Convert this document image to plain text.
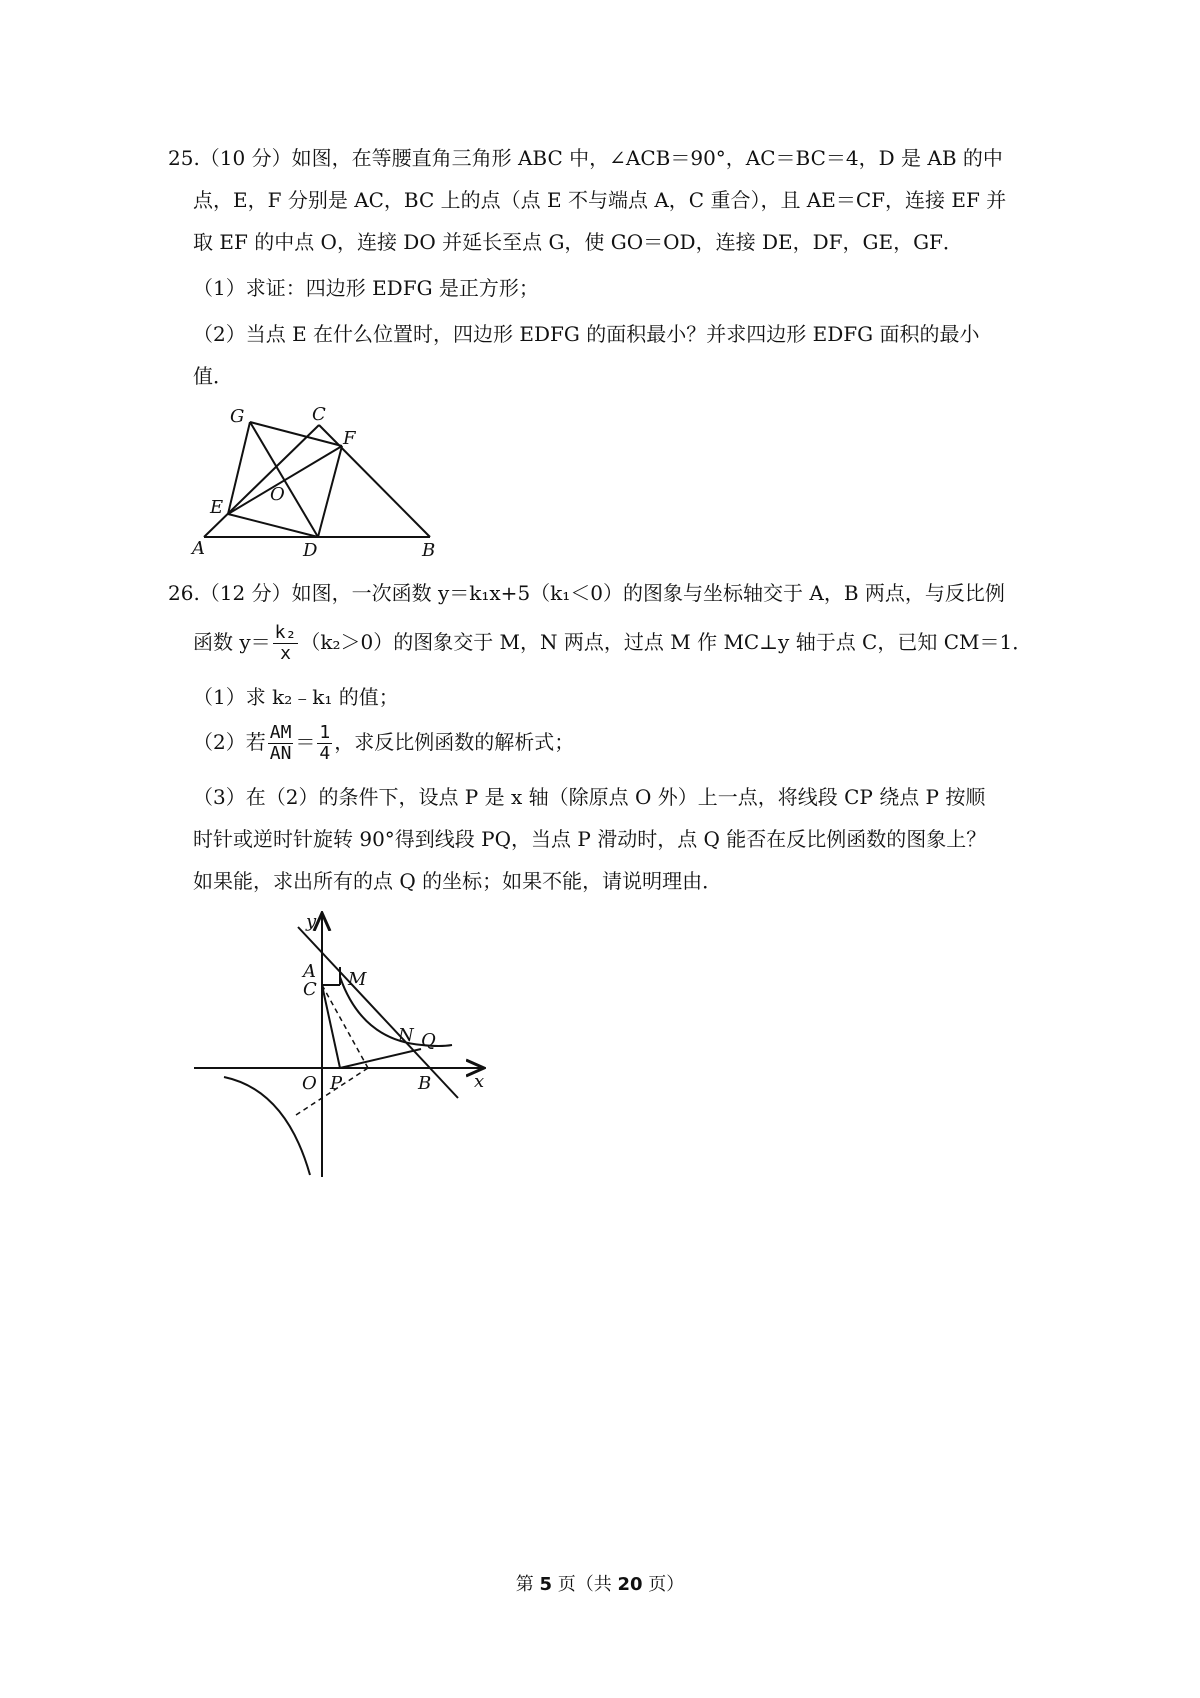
25.（10 分）如图，在等腰直角三角形 ABC 中，∠ACB＝90°，AC＝BC＝4，D 是 AB 的中
点，E，F 分别是 AC，BC 上的点（点 E 不与端点 A，C 重合），且 AE＝CF，连接 EF 并
取 EF 的中点 O，连接 DO 并延长至点 G，使 GO＝OD，连接 DE，DF，GE，GF．
（1）求证：四边形 EDFG 是正方形；
（2）当点 E 在什么位置时，四边形 EDFG 的面积最小？并求四边形 EDFG 面积的最小
值．
G	C
F
E
O
A	D	B
26.（12 分）如图，一次函数 y＝k₁x+5（k₁＜0）的图象与坐标轴交于 A，B 两点，与反比例
函数 $y= \frac{\text{k₂}}{x} (k_2>0)$的图象交于 M，N 两点，过点 M 作 MC⊥y 轴于点 C，已知 CM＝1．
（1）求 k₂﹣k₁ 的值；
（2）若 $\frac{AM}{AN} = \frac{1}{4}$ ，求反比例函数的解析式；
（3）在（2）的条件下，设点 P 是 x 轴（除原点 O 外）上一点，将线段 CP 绕点 P 按顺
时针或逆时针旋转 90°得到线段 PQ，当点 P 滑动时，点 Q 能否在反比例函数的图象上？
如果能，求出所有的点 Q 的坐标；如果不能，请说明理由．
y
A
C M
N Q
O P	B x
第 5 页（共 20 页）
